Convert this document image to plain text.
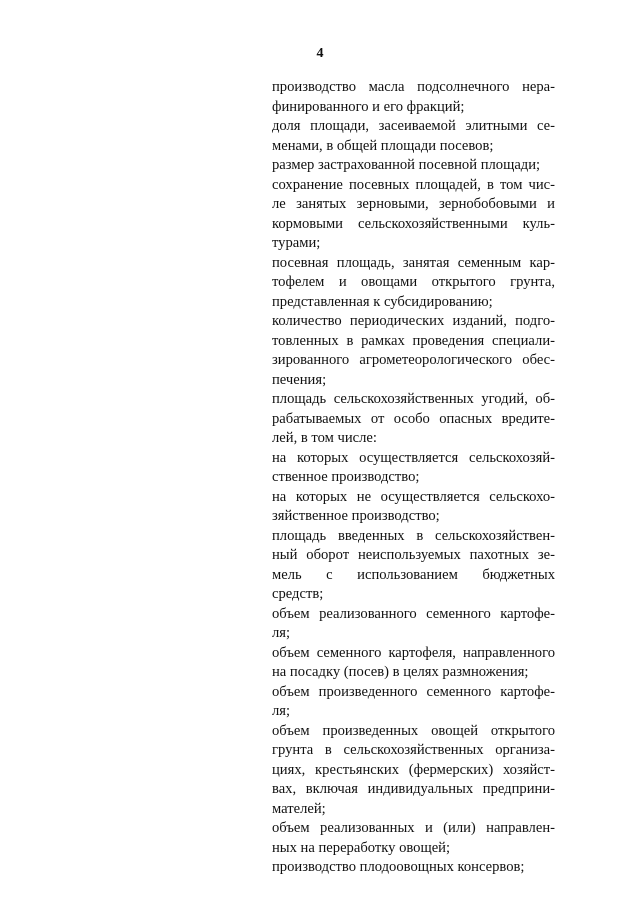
4
производство масла подсолнечного нера-
финированного и его фракций;
доля площади, засеиваемой элитными се-
менами, в общей площади посевов;
размер застрахованной посевной площади;
сохранение посевных площадей, в том чис-
ле занятых зерновыми, зернобобовыми и
кормовыми сельскохозяйственными куль-
турами;
посевная площадь, занятая семенным кар-
тофелем и овощами открытого грунта,
представленная к субсидированию;
количество периодических изданий, подго-
товленных в рамках проведения специали-
зированного агрометеорологического обес-
печения;
площадь сельскохозяйственных угодий, об-
рабатываемых от особо опасных вредите-
лей, в том числе:
на которых осуществляется сельскохозяй-
ственное производство;
на которых не осуществляется сельскохо-
зяйственное производство;
площадь введенных в сельскохозяйствен-
ный оборот неиспользуемых пахотных зе-
мель с использованием бюджетных
средств;
объем реализованного семенного картофе-
ля;
объем семенного картофеля, направленного
на посадку (посев) в целях размножения;
объем произведенного семенного картофе-
ля;
объем произведенных овощей открытого
грунта в сельскохозяйственных организа-
циях, крестьянских (фермерских) хозяйст-
вах, включая индивидуальных предприни-
мателей;
объем реализованных и (или) направлен-
ных на переработку овощей;
производство плодоовощных консервов;
